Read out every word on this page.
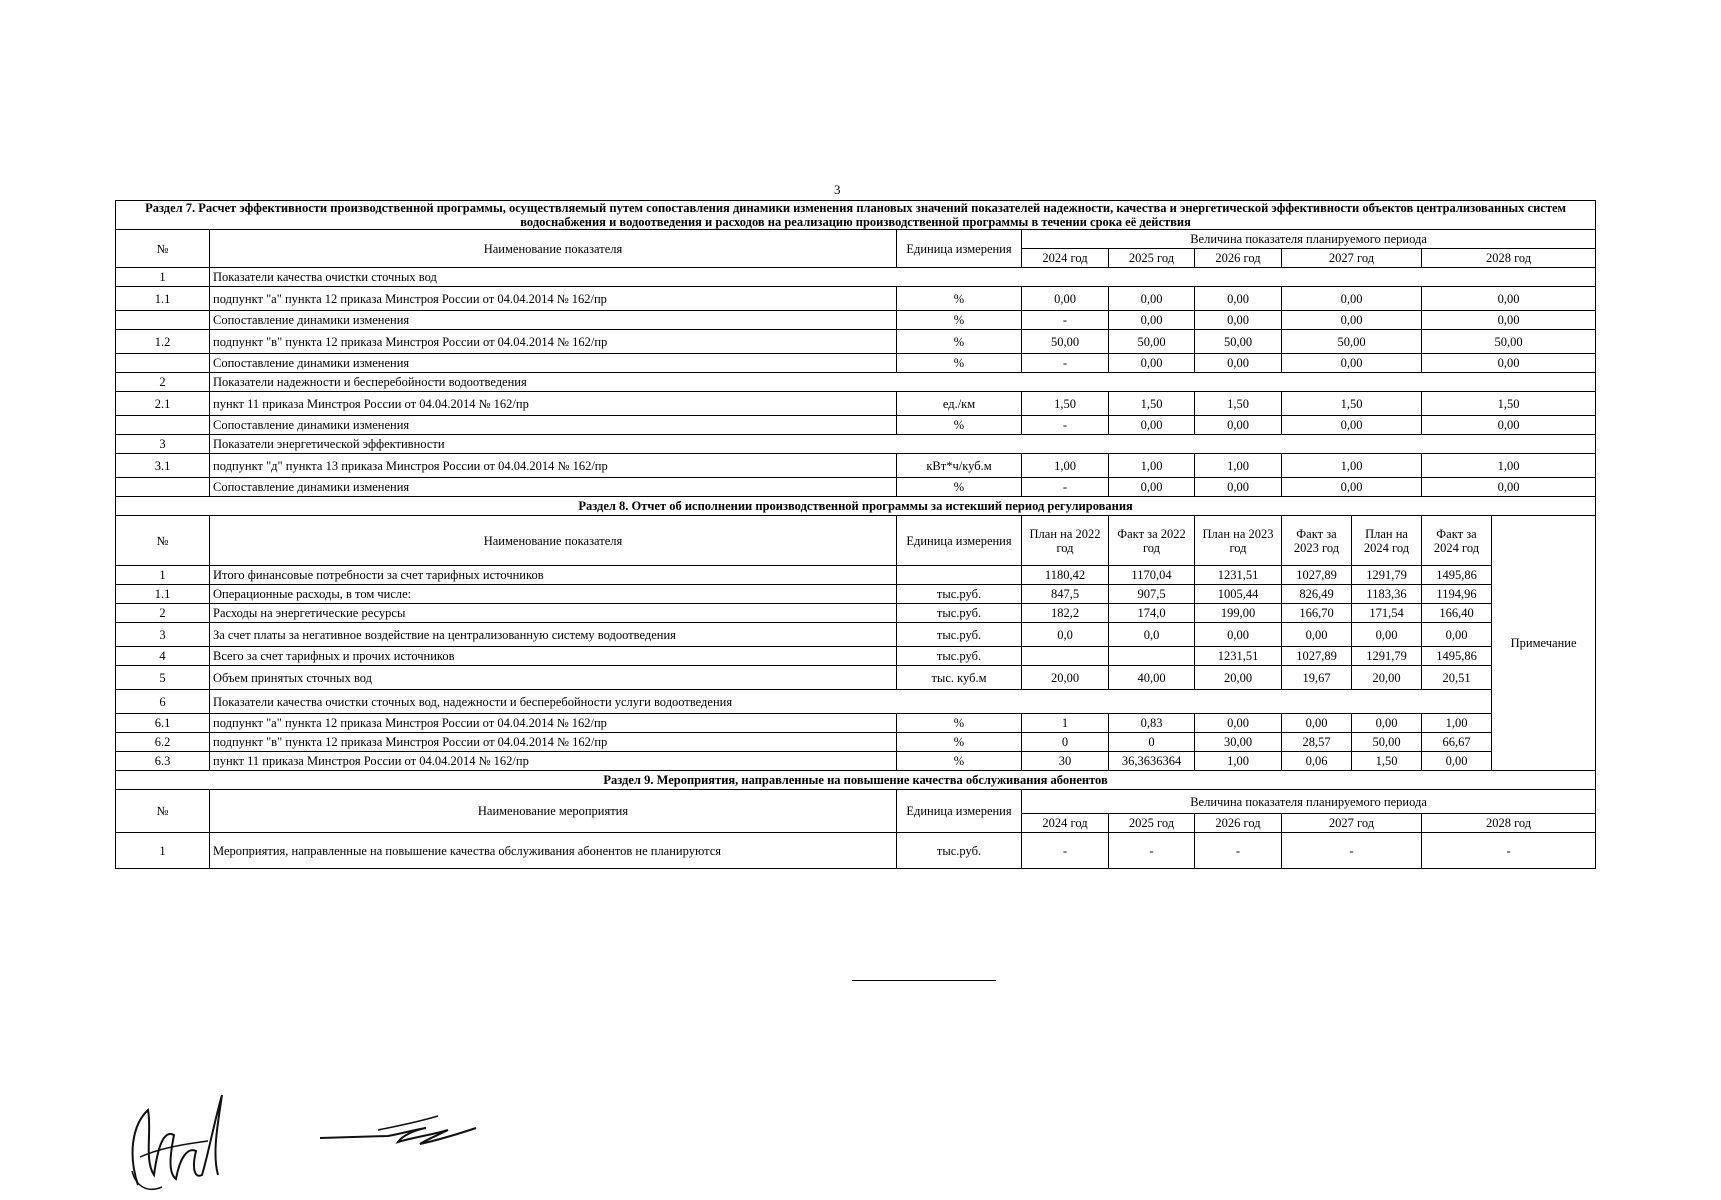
3
Раздел 7. Расчет эффективности производственной программы, осуществляемый путем сопоставления динамики изменения плановых значений показателей надежности, качества и энергетической эффективности объектов централизованных систем водоснабжения и водоотведения и расходов на реализацию производственной программы в течении срока её действия									
№	Наименование показателя	Единица измерения	Величина показателя планируемого периода						
			2024 год	2025 год	2026 год	2027 год		2028 год	
1	Показатели качества очистки сточных вод								
1.1	подпункт "а" пункта 12 приказа Минстроя России от 04.04.2014 № 162/пр	%	0,00	0,00	0,00	0,00		0,00	
	Сопоставление динамики изменения	%	-	0,00	0,00	0,00		0,00	
1.2	подпункт "в" пункта 12 приказа Минстроя России от 04.04.2014 № 162/пр	%	50,00	50,00	50,00	50,00		50,00	
	Сопоставление динамики изменения	%	-	0,00	0,00	0,00		0,00	
2	Показатели надежности и бесперебойности водоотведения								
2.1	пункт 11 приказа Минстроя России от 04.04.2014 № 162/пр	ед./км	1,50	1,50	1,50	1,50		1,50	
	Сопоставление динамики изменения	%	-	0,00	0,00	0,00		0,00	
3	Показатели энергетической эффективности								
3.1	подпункт "д" пункта 13 приказа Минстроя России от 04.04.2014 № 162/пр	кВт*ч/куб.м	1,00	1,00	1,00	1,00		1,00	
	Сопоставление динамики изменения	%	-	0,00	0,00	0,00		0,00	
Раздел 8. Отчет об исполнении производственной программы за истекший период регулирования									
№	Наименование показателя	Единица измерения	План на 2022 год	Факт за 2022 год	План на 2023 год	Факт за 2023 год	План на 2024 год	Факт за 2024 год	Примечание
1	Итого финансовые потребности за счет тарифных источников		1180,42	1170,04	1231,51	1027,89	1291,79	1495,86	
1.1	Операционные расходы, в том числе:	тыс.руб.	847,5	907,5	1005,44	826,49	1183,36	1194,96	
2	Расходы на энергетические ресурсы	тыс.руб.	182,2	174,0	199,00	166,70	171,54	166,40	
3	За счет платы за негативное воздействие на централизованную систему водоотведения	тыс.руб.	0,0	0,0	0,00	0,00	0,00	0,00	
4	Всего за счет тарифных и прочих источников	тыс.руб.			1231,51	1027,89	1291,79	1495,86	
5	Объем принятых сточных вод	тыс. куб.м	20,00	40,00	20,00	19,67	20,00	20,51	
6	Показатели качества очистки сточных вод, надежности и бесперебойности услуги водоотведения								
6.1	подпункт "а" пункта 12 приказа Минстроя России от 04.04.2014 № 162/пр	%	1	0,83	0,00	0,00	0,00	1,00	
6.2	подпункт "в" пункта 12 приказа Минстроя России от 04.04.2014 № 162/пр	%	0	0	30,00	28,57	50,00	66,67	
6.3	пункт 11 приказа Минстроя России от 04.04.2014 № 162/пр	%	30	36,3636364	1,00	0,06	1,50	0,00	
Раздел 9. Мероприятия, направленные на повышение качества обслуживания абонентов									
№	Наименование мероприятия	Единица измерения	Величина показателя планируемого периода						
			2024 год	2025 год	2026 год	2027 год		2028 год	
1	Мероприятия, направленные на повышение качества обслуживания абонентов не планируются	тыс.руб.	-	-	-	-		-	
